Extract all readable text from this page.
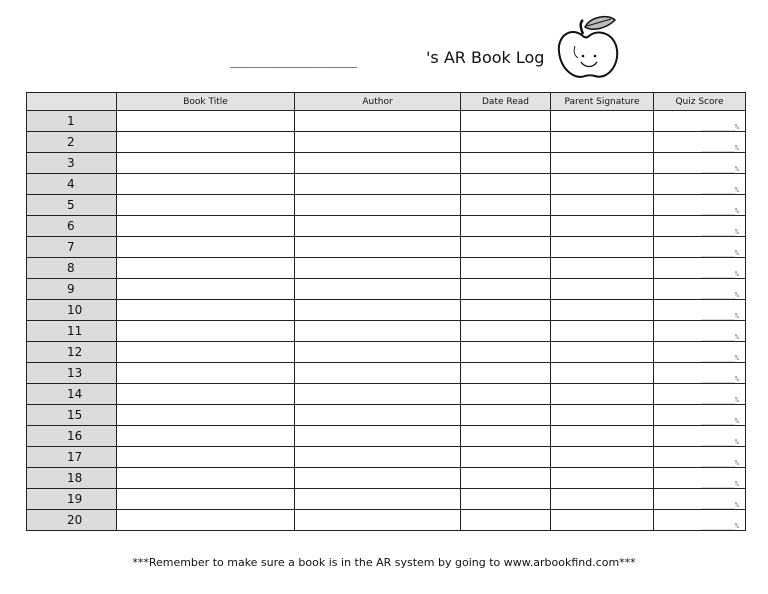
_________________	's AR Book Log
	Book Title	Author	Date Read	Parent Signature	Quiz Score
1					________%
2					________%
3					________%
4					________%
5					________%
6					________%
7					________%
8					________%
9					________%
10					________%
11					________%
12					________%
13					________%
14					________%
15					________%
16					________%
17					________%
18					________%
19					________%
20					________%
***Remember to make sure a book is in the AR system by going to www.arbookfind.com***
